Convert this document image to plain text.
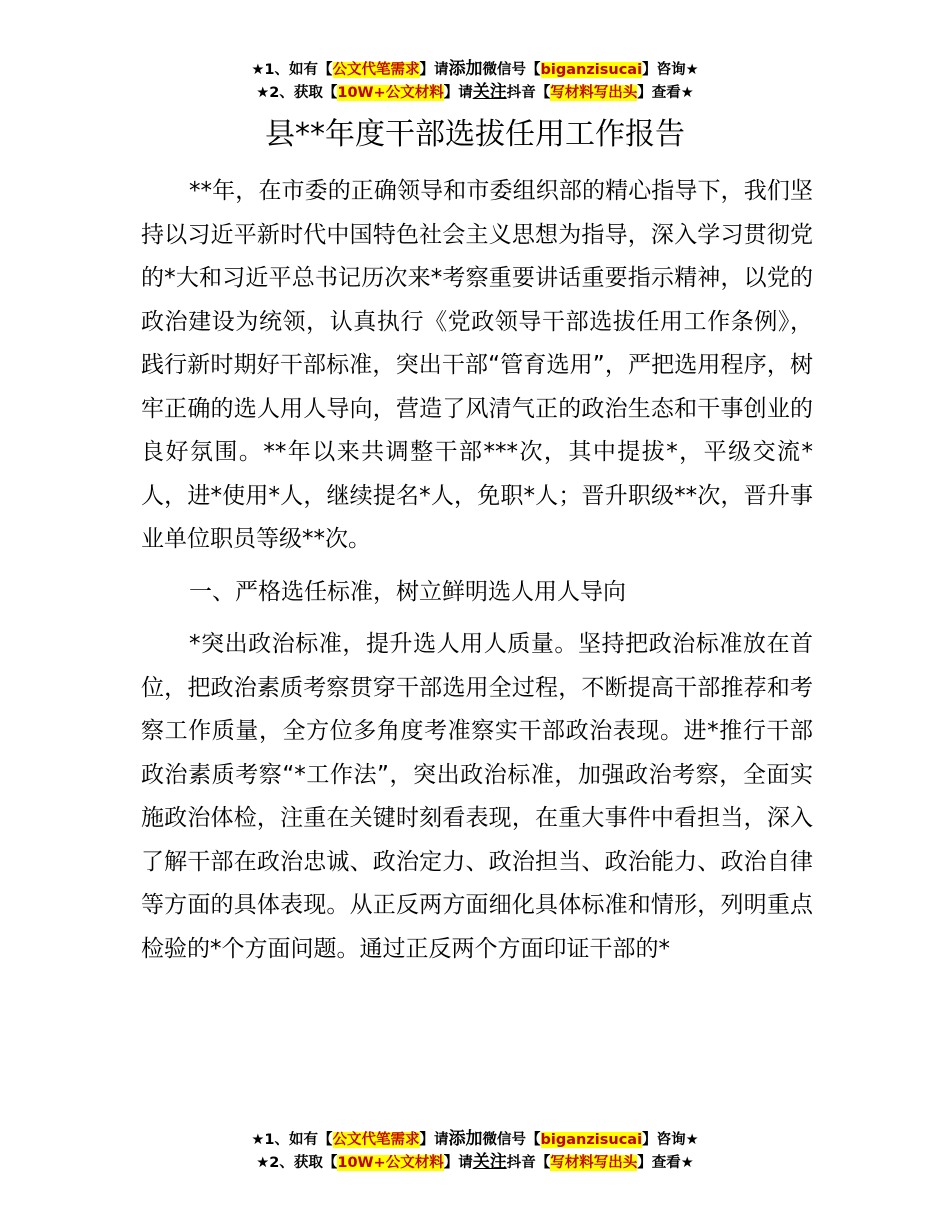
★1、如有【公文代笔需求】请添加微信号【biganzisucai】咨询★
★2、获取【10W+公文材料】请关注抖音【写材料写出头】查看★
县**年度干部选拔任用工作报告

**年，在市委的正确领导和市委组织部的精心指导下，我们坚持以习近平新时代中国特色社会主义思想为指导，深入学习贯彻党的*大和习近平总书记历次来*考察重要讲话重要指示精神，以党的政治建设为统领，认真执行《党政领导干部选拔任用工作条例》，践行新时期好干部标准，突出干部“管育选用”，严把选用程序，树牢正确的选人用人导向，营造了风清气正的政治生态和干事创业的良好氛围。**年以来共调整干部***次，其中提拔*，平级交流*人，进*使用*人，继续提名*人，免职*人；晋升职级**次，晋升事业单位职员等级**次。

一、严格选任标准，树立鲜明选人用人导向

*突出政治标准，提升选人用人质量。坚持把政治标准放在首位，把政治素质考察贯穿干部选用全过程，不断提高干部推荐和考察工作质量，全方位多角度考准察实干部政治表现。进*推行干部政治素质考察“*工作法”，突出政治标准，加强政治考察，全面实施政治体检，注重在关键时刻看表现，在重大事件中看担当，深入了解干部在政治忠诚、政治定力、政治担当、政治能力、政治自律等方面的具体表现。从正反两方面细化具体标准和情形，列明重点检验的*个方面问题。通过正反两个方面印证干部的*

★1、如有【公文代笔需求】请添加微信号【biganzisucai】咨询★
★2、获取【10W+公文材料】请关注抖音【写材料写出头】查看★
